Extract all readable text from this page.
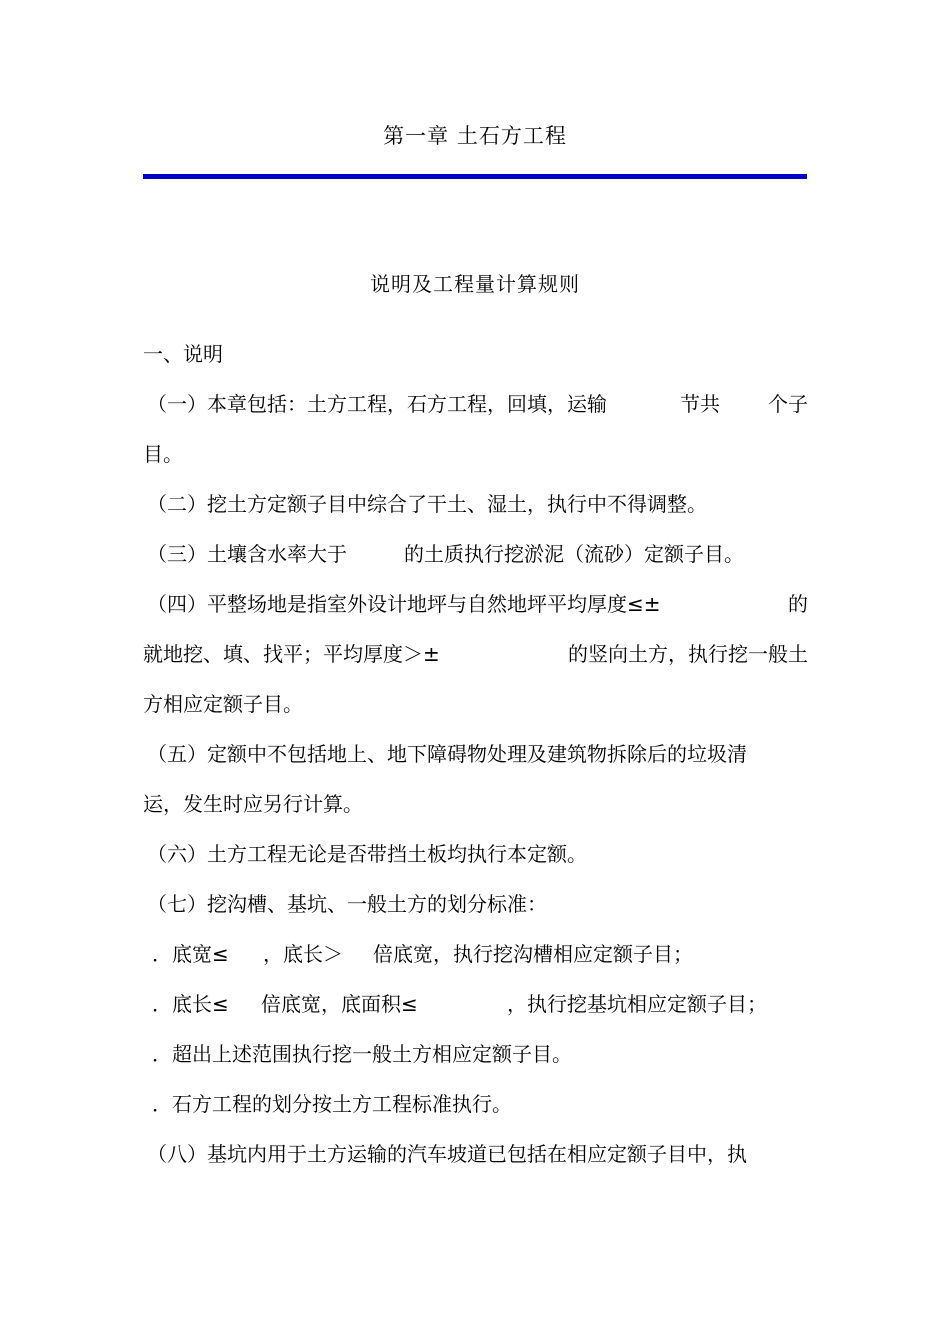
第一章 土石方工程
说明及工程量计算规则
一、说明
（一）本章包括：土方工程，石方工程，回填，运输	节共 个子
目。
（二）挖土方定额子目中综合了干土、湿土，执行中不得调整。
（三）土壤含水率大于	的土质执行挖淤泥（流砂）定额子目。
（四）平整场地是指室外设计地坪与自然地坪平均厚度≤±	的
就地挖、填、找平；平均厚度＞±	的竖向土方，执行挖一般土
方相应定额子目。
（五）定额中不包括地上、地下障碍物处理及建筑物拆除后的垃圾清
运，发生时应另行计算。
（六）土方工程无论是否带挡土板均执行本定额。
（七）挖沟槽、基坑、一般土方的划分标准：
．底宽≤ ，底长＞ 倍底宽，执行挖沟槽相应定额子目；
．底长≤ 倍底宽，底面积≤	，执行挖基坑相应定额子目；
．超出上述范围执行挖一般土方相应定额子目。
．石方工程的划分按土方工程标准执行。
（八）基坑内用于土方运输的汽车坡道已包括在相应定额子目中，执
